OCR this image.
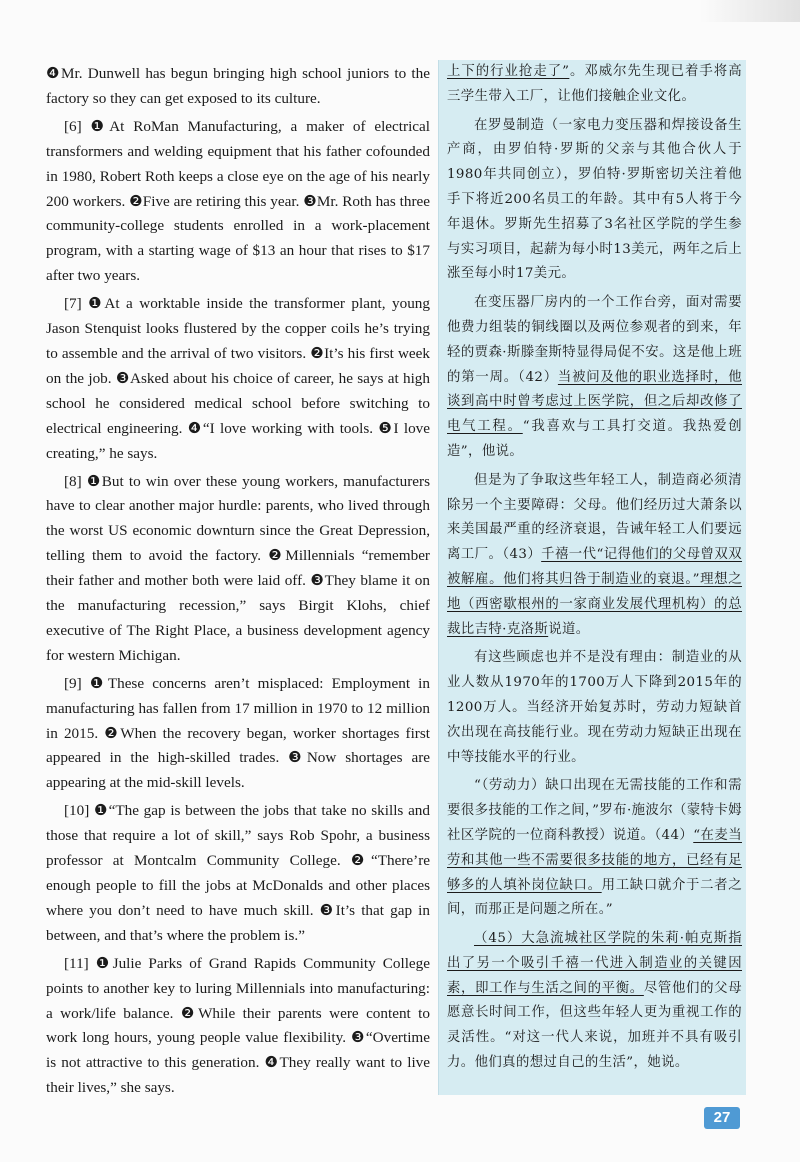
❹Mr. Dunwell has begun bringing high school juniors to the factory so they can get exposed to its culture.

[6] ❶At RoMan Manufacturing, a maker of electrical transformers and welding equipment that his father cofounded in 1980, Robert Roth keeps a close eye on the age of his nearly 200 workers. ❷Five are retiring this year. ❸Mr. Roth has three community-college students enrolled in a work-placement program, with a starting wage of $13 an hour that rises to $17 after two years.

[7] ❶At a worktable inside the transformer plant, young Jason Stenquist looks flustered by the copper coils he’s trying to assemble and the arrival of two visitors. ❷It’s his first week on the job. ❸Asked about his choice of career, he says at high school he considered medical school before switching to electrical engineering. ❹“I love working with tools. ❺I love creating,” he says.

[8] ❶But to win over these young workers, manufacturers have to clear another major hurdle: parents, who lived through the worst US economic downturn since the Great Depression, telling them to avoid the factory. ❷Millennials “remember their father and mother both were laid off. ❸They blame it on the manufacturing recession,” says Birgit Klohs, chief executive of The Right Place, a business development agency for western Michigan.

[9] ❶These concerns aren’t misplaced: Employment in manufacturing has fallen from 17 million in 1970 to 12 million in 2015. ❷When the recovery began, worker shortages first appeared in the high-skilled trades. ❸Now shortages are appearing at the mid-skill levels.

[10] ❶“The gap is between the jobs that take no skills and those that require a lot of skill,” says Rob Spohr, a business professor at Montcalm Community College. ❷“There’re enough people to fill the jobs at McDonalds and other places where you don’t need to have much skill. ❸It’s that gap in between, and that’s where the problem is.”

[11] ❶Julie Parks of Grand Rapids Community College points to another key to luring Millennials into manufacturing: a work/life balance. ❷While their parents were content to work long hours, young people value flexibility. ❸“Overtime is not attractive to this generation. ❹They really want to live their lives,” she says.

上下的行业抢走了”。邓威尔先生现已着手将高三学生带入工厂，让他们接触企业文化。

在罗曼制造（一家电力变压器和焊接设备生产商，由罗伯特·罗斯的父亲与其他合伙人于1980年共同创立），罗伯特·罗斯密切关注着他手下将近200名员工的年龄。其中有5人将于今年退休。罗斯先生招募了3名社区学院的学生参与实习项目，起薪为每小时13美元，两年之后上涨至每小时17美元。

在变压器厂房内的一个工作台旁，面对需要他费力组装的铜线圈以及两位参观者的到来，年轻的贾森·斯滕奎斯特显得局促不安。这是他上班的第一周。（42）当被问及他的职业选择时，他谈到高中时曾考虑过上医学院，但之后却改修了电气工程。“我喜欢与工具打交道。我热爱创造”，他说。

但是为了争取这些年轻工人，制造商必须清除另一个主要障碍：父母。他们经历过大萧条以来美国最严重的经济衰退，告诫年轻工人们要远离工厂。（43）千禧一代“记得他们的父母曾双双被解雇。他们将其归咎于制造业的衰退。”理想之地（西密歇根州的一家商业发展代理机构）的总裁比吉特·克洛斯说道。

有这些顾虑也并不是没有理由：制造业的从业人数从1970年的1700万人下降到2015年的1200万人。当经济开始复苏时，劳动力短缺首次出现在高技能行业。现在劳动力短缺正出现在中等技能水平的行业。

“（劳动力）缺口出现在无需技能的工作和需要很多技能的工作之间，”罗布·施波尔（蒙特卡姆社区学院的一位商科教授）说道。（44）“在麦当劳和其他一些不需要很多技能的地方，已经有足够多的人填补岗位缺口。用工缺口就介于二者之间，而那正是问题之所在。”

（45）大急流城社区学院的朱莉·帕克斯指出了另一个吸引千禧一代进入制造业的关键因素，即工作与生活之间的平衡。尽管他们的父母愿意长时间工作，但这些年轻人更为重视工作的灵活性。“对这一代人来说，加班并不具有吸引力。他们真的想过自己的生活”，她说。

27
